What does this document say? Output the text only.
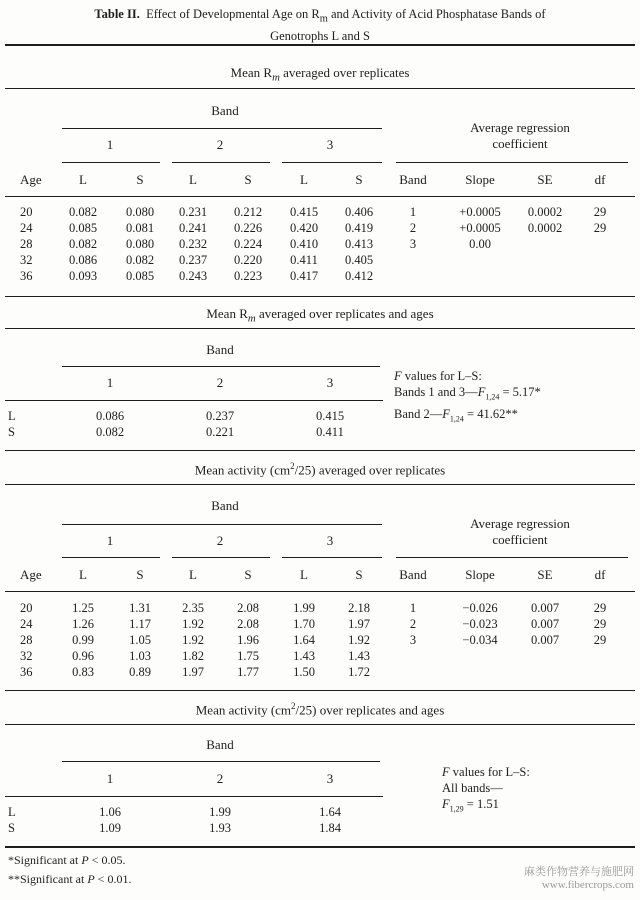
Table II. Effect of Developmental Age on $R_m$ and Activity of Acid Phosphatase Bands of
Genotrophs L and S
Mean $R_m$ averaged over replicates
Band
1	2	3
Average regression
coefficient
Age	L	S	L	S	L	S	Band	Slope	SE	df
20	0.082	0.080	0.231	0.212	0.415	0.406
24	0.085	0.081	0.241	0.226	0.420	0.419
28	0.082	0.080	0.232	0.224	0.410	0.413
32	0.086	0.082	0.237	0.220	0.411	0.405
36	0.093	0.085	0.243	0.223	0.417	0.412
1	+0.0005	0.0002	29
2	+0.0005	0.0002	29
3	0.00
Mean $R_m$ averaged over replicates and ages
Band
1	2	3
L	0.086	0.237	0.415
S	0.082	0.221	0.411
F values for L–S:
Bands 1 and $3—F_{1,24} = 5.17*$
Band $2—F_{1,24} = 41.62**$
Mean activity $(cm^2/25)$ averaged over replicates
Band
1	2	3
Average regression
coefficient
Age	L	S	L	S	L	S	Band	Slope	SE	df
20	1.25	1.31	2.35	2.08	1.99	2.18
24	1.26	1.17	1.92	2.08	1.70	1.97
28	0.99	1.05	1.92	1.96	1.64	1.92
32	0.96	1.03	1.82	1.75	1.43	1.43
36	0.83	0.89	1.97	1.77	1.50	1.72
1	−0.026	0.007	29
2	−0.023	0.007	29
3	−0.034	0.007	29
Mean activity $(cm^2/25)$ over replicates and ages
Band
1	2	3
L	1.06	1.99	1.64
S	1.09	1.93	1.84
F values for L–S:
All bands—
$F_{1,29} = 1.51$
*Significant at P < 0.05.
**Significant at P < 0.01.	麻类作物营养与施肥网
www.fibercrops.com
